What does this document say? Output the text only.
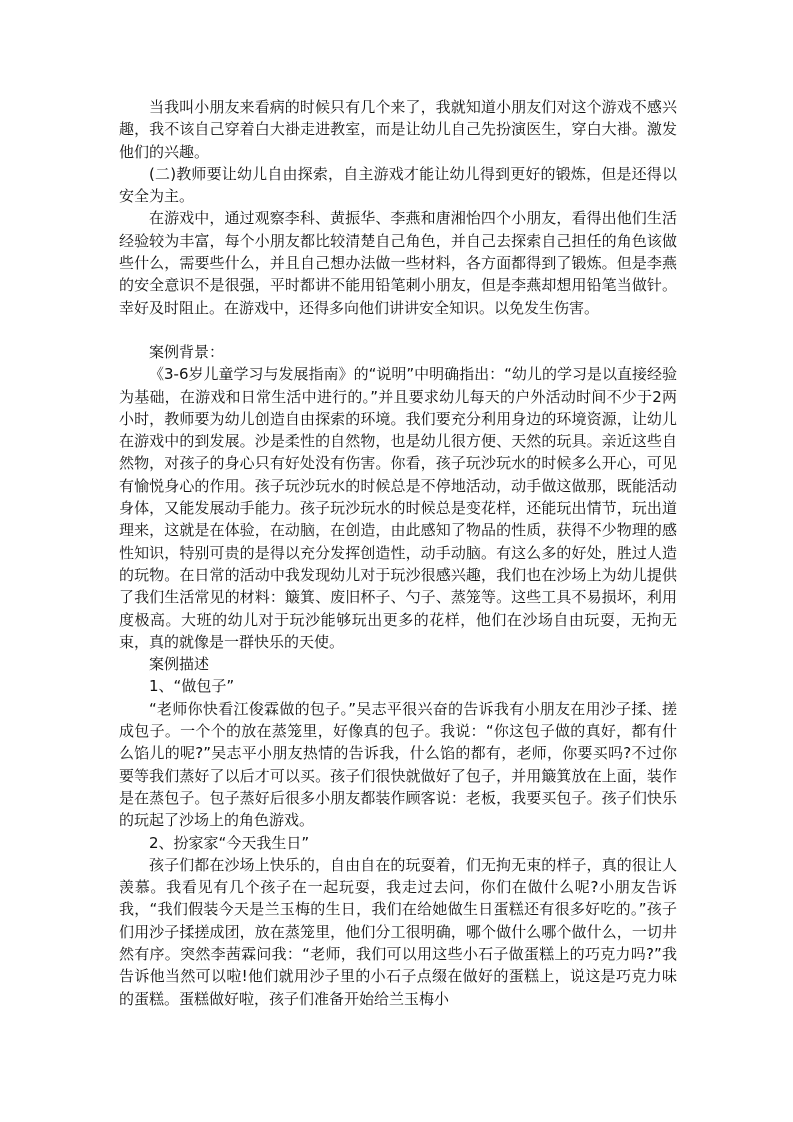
当我叫小朋友来看病的时候只有几个来了，我就知道小朋友们对这个游戏不感兴趣，我不该自己穿着白大褂走进教室，而是让幼儿自己先扮演医生，穿白大褂。激发他们的兴趣。

(二)教师要让幼儿自由探索，自主游戏才能让幼儿得到更好的锻炼，但是还得以安全为主。

在游戏中，通过观察李科、黄振华、李燕和唐湘怡四个小朋友，看得出他们生活经验较为丰富，每个小朋友都比较清楚自己角色，并自己去探索自己担任的角色该做些什么，需要些什么，并且自己想办法做一些材料，各方面都得到了锻炼。但是李燕的安全意识不是很强，平时都讲不能用铅笔刺小朋友，但是李燕却想用铅笔当做针。幸好及时阻止。在游戏中，还得多向他们讲讲安全知识。以免发生伤害。

案例背景：

《3-6岁儿童学习与发展指南》的“说明”中明确指出：“幼儿的学习是以直接经验为基础，在游戏和日常生活中进行的。”并且要求幼儿每天的户外活动时间不少于2两小时，教师要为幼儿创造自由探索的环境。我们要充分利用身边的环境资源，让幼儿在游戏中的到发展。沙是柔性的自然物，也是幼儿很方便、天然的玩具。亲近这些自然物，对孩子的身心只有好处没有伤害。你看，孩子玩沙玩水的时候多么开心，可见有愉悦身心的作用。孩子玩沙玩水的时候总是不停地活动，动手做这做那，既能活动身体，又能发展动手能力。孩子玩沙玩水的时候总是变花样，还能玩出情节，玩出道理来，这就是在体验，在动脑，在创造，由此感知了物品的性质，获得不少物理的感性知识，特别可贵的是得以充分发挥创造性，动手动脑。有这么多的好处，胜过人造的玩物。在日常的活动中我发现幼儿对于玩沙很感兴趣，我们也在沙场上为幼儿提供了我们生活常见的材料：簸箕、废旧杯子、勺子、蒸笼等。这些工具不易损坏，利用度极高。大班的幼儿对于玩沙能够玩出更多的花样，他们在沙场自由玩耍，无拘无束，真的就像是一群快乐的天使。

案例描述

1、“做包子”

“老师你快看江俊霖做的包子。”吴志平很兴奋的告诉我有小朋友在用沙子揉、搓成包子。一个个的放在蒸笼里，好像真的包子。我说：“你这包子做的真好，都有什么馅儿的呢?”吴志平小朋友热情的告诉我，什么馅的都有，老师，你要买吗?不过你要等我们蒸好了以后才可以买。孩子们很快就做好了包子，并用簸箕放在上面，装作是在蒸包子。包子蒸好后很多小朋友都装作顾客说：老板，我要买包子。孩子们快乐的玩起了沙场上的角色游戏。

2、扮家家“今天我生日”

孩子们都在沙场上快乐的，自由自在的玩耍着，们无拘无束的样子，真的很让人羡慕。我看见有几个孩子在一起玩耍，我走过去问，你们在做什么呢?小朋友告诉我，“我们假装今天是兰玉梅的生日，我们在给她做生日蛋糕还有很多好吃的。”孩子们用沙子揉搓成团，放在蒸笼里，他们分工很明确，哪个做什么哪个做什么，一切井然有序。突然李茜霖问我：“老师，我们可以用这些小石子做蛋糕上的巧克力吗?”我告诉他当然可以啦!他们就用沙子里的小石子点缀在做好的蛋糕上，说这是巧克力味的蛋糕。蛋糕做好啦，孩子们准备开始给兰玉梅小
